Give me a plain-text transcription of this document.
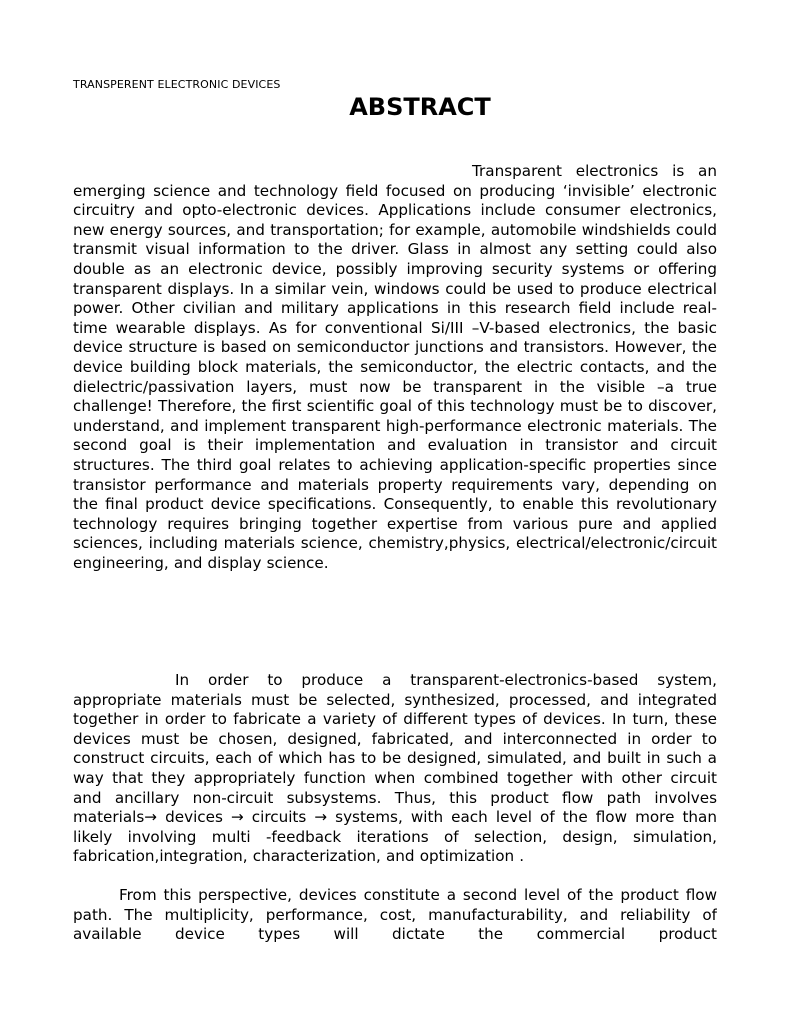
TRANSPERENT ELECTRONIC DEVICES
ABSTRACT

Transparent electronics is an emerging science and technology field focused on producing ‘invisible’ electronic circuitry and opto-electronic devices. Applications include consumer electronics, new energy sources, and transportation; for example, automobile windshields could transmit visual information to the driver. Glass in almost any setting could also double as an electronic device, possibly improving security systems or offering transparent displays. In a similar vein, windows could be used to produce electrical power. Other civilian and military applications in this research field include real-time wearable displays. As for conventional Si/III –V-based electronics, the basic device structure is based on semiconductor junctions and transistors. However, the device building block materials, the semiconductor, the electric contacts, and the dielectric/passivation layers, must now be transparent in the visible –a true challenge! Therefore, the first scientific goal of this technology must be to discover, understand, and implement transparent high-performance electronic materials. The second goal is their implementation and evaluation in transistor and circuit structures. The third goal relates to achieving application-specific properties since transistor performance and materials property requirements vary, depending on the final product device specifications. Consequently, to enable this revolutionary technology requires bringing together expertise from various pure and applied sciences, including materials science, chemistry,physics, electrical/electronic/circuit engineering, and display science.

In order to produce a transparent-electronics-based system, appropriate materials must be selected, synthesized, processed, and integrated together in order to fabricate a variety of different types of devices. In turn, these devices must be chosen, designed, fabricated, and interconnected in order to construct circuits, each of which has to be designed, simulated, and built in such a way that they appropriately function when combined together with other circuit and ancillary non-circuit subsystems. Thus, this product flow path involves materials→ devices → circuits → systems, with each level of the flow more than likely involving multi -feedback iterations of selection, design, simulation, fabrication,integration, characterization, and optimization .

From this perspective, devices constitute a second level of the product flow path. The multiplicity, performance, cost, manufacturability, and reliability of available device types will dictate the commercial product
